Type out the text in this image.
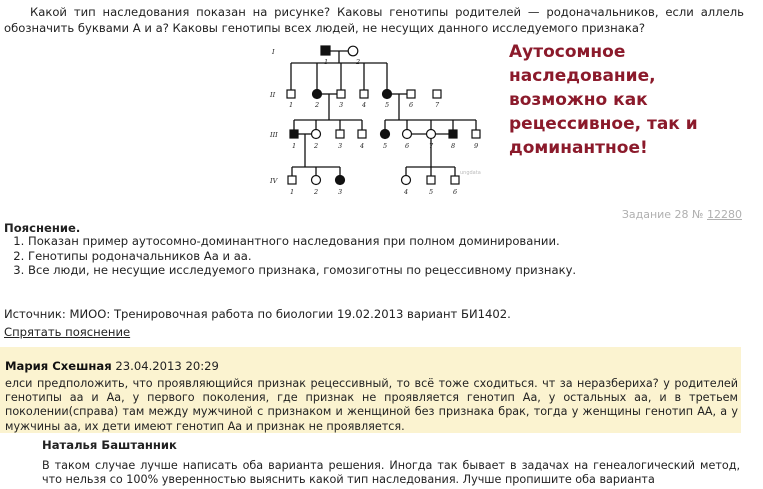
Какой тип наследования показан на рисунке? Каковы генотипы родителей — родоначальников, если аллель обозначить буквами А и а? Каковы генотипы всех людей, не несущих данного исследуемого признака?

I
II
III
IV
1	2
1	2	3	4	5	6	7
1	2	3	4	5	6	7	8	9
1	2	3	4	5	6
ungdata
Аутосомное наследование, возможно как рецессивное, так и доминантное!
Задание 28 № 12280
Пояснение.
1. Показан пример аутосомно-доминантного наследования при полном доминировании.
2. Генотипы родоначальников Аа и аа.
3. Все люди, не несущие исследуемого признака, гомозиготны по рецессивному признаку.
Источник: МИОО: Тренировочная работа по биологии 19.02.2013 вариант БИ1402.
Спрятать пояснение
Мария Схешная 23.04.2013 20:29

елси предположить, что проявляющийся признак рецессивный, то всё тоже сходиться. чт за неразбериха? у родителей генотипы аа и Аа, у первого поколения, где признак не проявляется генотип Аа, у остальных аа, и в третьем поколении(справа) там между мужчиной с признаком и женщиной без признака брак, тогда у женщины генотип АА, а у мужчины аа, их дети имеют генотип Аа и признак не проявляется.

Наталья Баштанник

В таком случае лучше написать оба варианта решения. Иногда так бывает в задачах на генеалогический метод, что нельзя со 100% уверенностью выяснить какой тип наследования. Лучше пропишите оба варианта
